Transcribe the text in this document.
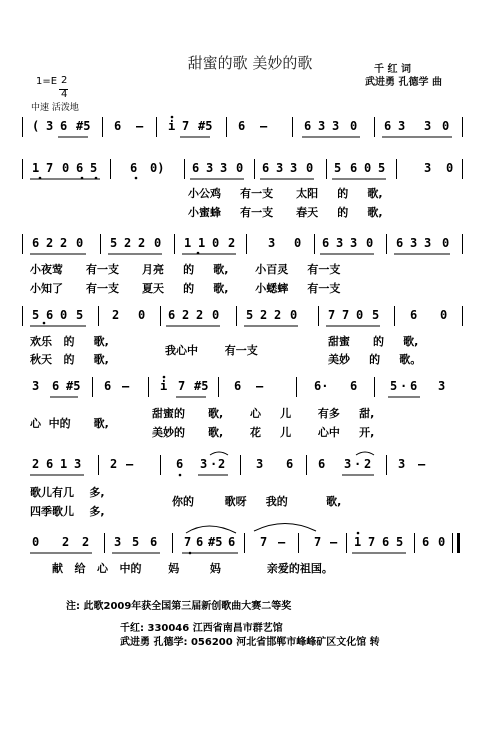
甜蜜的歌 美妙的歌	千 红 词
武进勇 孔德学 曲
1=E 2
4
中速 活泼地
( 3 6 #5 6 – i 7 #5 6 –	6 3 3 0 6 3 3 0
1 7 0 6 5	6 0) 6 3 3 0 6 3 3 0 5 6 0 5	3 0
小公鸡     有一支      太阳     的     歌,
小蜜蜂     有一支      春天     的     歌,
6 2 2 0 5 2 2 0 1 1 0 2	3 0 6 3 3 0 6 3 3 0
小夜莺      有一支      月亮     的     歌,       小百灵     有一支
小知了      有一支      夏天     的     歌,       小蟋蟀     有一支
5 6 0 5 2 0 6 2 2 0 5 2 2 0	7 7 0 5	6 0
欢乐   的     歌,
秋天   的     歌,
我心中       有一支
甜蜜      的     歌,
美妙     的     歌。
3 6 #5 6 –	i 7 #5 6 –	6· 6	5 · 6 3
心  中的      歌,
甜蜜的      歌,       心     儿       有多     甜,
美妙的      歌,       花     儿       心中     开,
2 6 1 3 2 –	6 3 · 2	3 6 6 3 · 2 3 –
歌儿有几    多,
四季歌儿    多,
你的        歌呀     我的          歌,
0 2 2 3 5 6 7 6 #5 6 7 – 7 – 1 7 6 5 6 0
献   给   心   中的       妈        妈            亲爱的祖国。
注: 此歌2009年获全国第三届新创歌曲大赛二等奖
千红: 330046 江西省南昌市群艺馆
武进勇 孔德学: 056200 河北省邯郸市峰峰矿区文化馆 转
